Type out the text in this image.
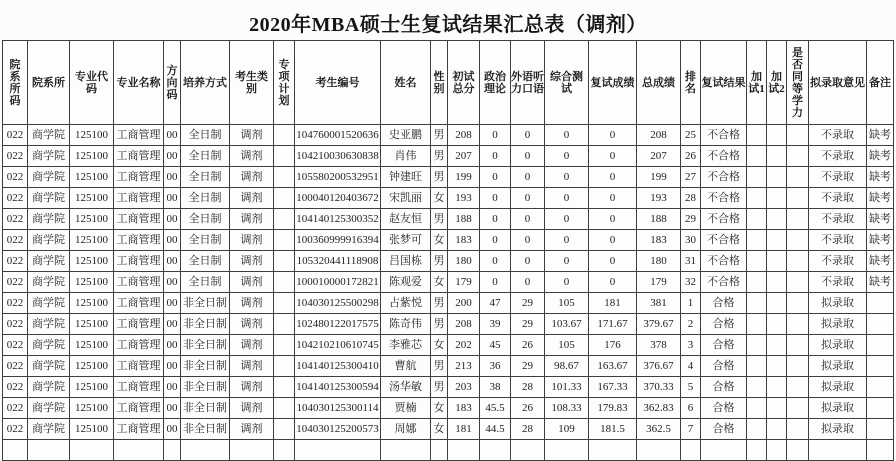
2020年MBA硕士生复试结果汇总表（调剂）
院系所码	院系所	专业代码	专业名称	方向码	培养方式	考生类别	专项计划	考生编号	姓名	性别	初试总分	政治理论	外语听力口语	综合测试	复试成绩	总成绩	排名	复试结果	加试1	加试2	是否同等学力	拟录取意见	备注
022	商学院	125100	工商管理	00	全日制	调剂		104760001520636	史亚鹏	男	208	0	0	0	0	208	25	不合格				不录取	缺考
022	商学院	125100	工商管理	00	全日制	调剂		104210030630838	肖伟	男	207	0	0	0	0	207	26	不合格				不录取	缺考
022	商学院	125100	工商管理	00	全日制	调剂		105580200532951	钟建旺	男	199	0	0	0	0	199	27	不合格				不录取	缺考
022	商学院	125100	工商管理	00	全日制	调剂		100040120403672	宋凯丽	女	193	0	0	0	0	193	28	不合格				不录取	缺考
022	商学院	125100	工商管理	00	全日制	调剂		104140125300352	赵友恒	男	188	0	0	0	0	188	29	不合格				不录取	缺考
022	商学院	125100	工商管理	00	全日制	调剂		100360999916394	张梦可	女	183	0	0	0	0	183	30	不合格				不录取	缺考
022	商学院	125100	工商管理	00	全日制	调剂		105320441118908	吕国栋	男	180	0	0	0	0	180	31	不合格				不录取	缺考
022	商学院	125100	工商管理	00	全日制	调剂		100010000172821	陈观爱	女	179	0	0	0	0	179	32	不合格				不录取	缺考
022	商学院	125100	工商管理	00	非全日制	调剂		104030125500298	占紫悦	男	200	47	29	105	181	381	1	合格				拟录取	
022	商学院	125100	工商管理	00	非全日制	调剂		102480122017575	陈奇伟	男	208	39	29	103.67	171.67	379.67	2	合格				拟录取	
022	商学院	125100	工商管理	00	非全日制	调剂		104210210610745	李雅芯	女	202	45	26	105	176	378	3	合格				拟录取	
022	商学院	125100	工商管理	00	非全日制	调剂		104140125300410	曹航	男	213	36	29	98.67	163.67	376.67	4	合格				拟录取	
022	商学院	125100	工商管理	00	非全日制	调剂		104140125300594	汤华敏	男	203	38	28	101.33	167.33	370.33	5	合格				拟录取	
022	商学院	125100	工商管理	00	非全日制	调剂		104030125300114	贾楠	女	183	45.5	26	108.33	179.83	362.83	6	合格				拟录取	
022	商学院	125100	工商管理	00	非全日制	调剂		104030125200573	周娜	女	181	44.5	28	109	181.5	362.5	7	合格				拟录取	
